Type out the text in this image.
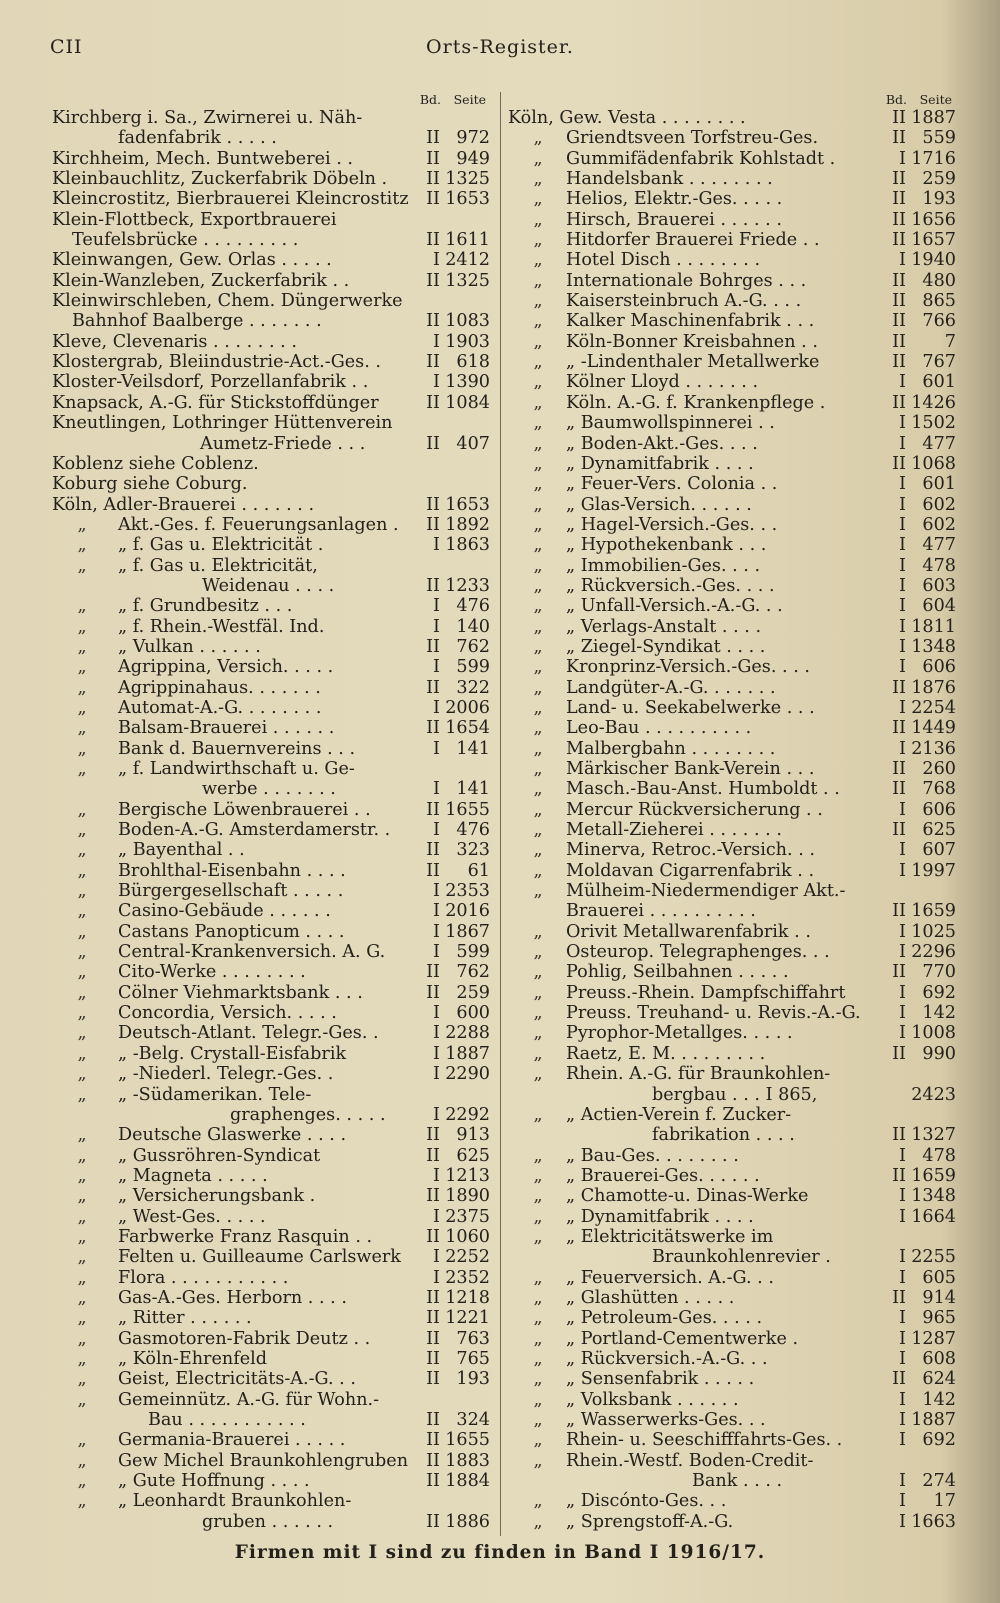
CII	Orts-Register.
Bd. Seite
Kirchberg i. Sa., Zwirnerei u. Näh-
fadenfabrik . . . . .	II 972
Kirchheim, Mech. Buntweberei . .	II 949
Kleinbauchlitz, Zuckerfabrik Döbeln . II 1325
Kleincrostitz, Bierbrauerei Kleincrostitz II 1653
Klein-Flottbeck, Exportbrauerei
Teufelsbrücke . . . . . . . . .	II 1611
Kleinwangen, Gew. Orlas . . . . .	I 2412
Klein-Wanzleben, Zuckerfabrik . .	II 1325
Kleinwirschleben, Chem. Düngerwerke
Bahnhof Baalberge . . . . . . .	II 1083
Kleve, Clevenaris . . . . . . . .	I 1903
Klostergrab, Bleiindustrie-Act.-Ges. .	II 618
Kloster-Veilsdorf, Porzellanfabrik . .	I 1390
Knapsack, A.-G. für Stickstoffdünger	II 1084
Kneutlingen, Lothringer Hüttenverein
Aumetz-Friede . . .	II 407
Koblenz siehe Coblenz.
Koburg siehe Coburg.
Köln, Adler-Brauerei . . . . . . .	II 1653
„	Akt.-Ges. f. Feuerungsanlagen . II 1892
„	„ f. Gas u. Elektricität .	I 1863
„	„ f. Gas u. Elektricität,
Weidenau . . . .	II 1233
„	„ f. Grundbesitz . . .	I 476
„	„ f. Rhein.-Westfäl. Ind.	I 140
„	„ Vulkan . . . . . .	II 762
„	Agrippina, Versich. . . . .	I 599
„	Agrippinahaus. . . . . . .	II 322
„	Automat-A.-G. . . . . . . .	I 2006
„	Balsam-Brauerei . . . . . .	II 1654
„	Bank d. Bauernvereins . . .	I 141
„	„ f. Landwirthschaft u. Ge-
werbe . . . . . . .	I 141
„	Bergische Löwenbrauerei . .	II 1655
„	Boden-A.-G. Amsterdamerstr. . I 476
„	„ Bayenthal . .	II 323
„	Brohlthal-Eisenbahn . . . .	II 61
„	Bürgergesellschaft . . . . .	I 2353
„	Casino-Gebäude . . . . . .	I 2016
„	Castans Panopticum . . . .	I 1867
„	Central-Krankenversich. A. G.	I 599
„	Cito-Werke . . . . . . . .	II 762
„	Cölner Viehmarktsbank . . .	II 259
„	Concordia, Versich. . . . .	I 600
„	Deutsch-Atlant. Telegr.-Ges. .	I 2288
„	„ -Belg. Crystall-Eisfabrik	I 1887
„	„ -Niederl. Telegr.-Ges. .	I 2290
„	„ -Südamerikan. Tele-
graphenges. . . . .	I 2292
„	Deutsche Glaswerke . . . .	II 913
„	„ Gussröhren-Syndicat	II 625
„	„ Magneta . . . . .	I 1213
„	„ Versicherungsbank .	II 1890
„	„ West-Ges. . . . .	I 2375
„	Farbwerke Franz Rasquin . .	II 1060
„	Felten u. Guilleaume Carlswerk I 2252
„	Flora . . . . . . . . . . .	I 2352
„	Gas-A.-Ges. Herborn . . . .	II 1218
„	„ Ritter . . . . . .	II 1221
„	Gasmotoren-Fabrik Deutz . .	II 763
„	„ Köln-Ehrenfeld	II 765
„	Geist, Electricitäts-A.-G. . .	II 193
„	Gemeinnütz. A.-G. für Wohn.-
Bau . . . . . . . . . . .	II 324
„	Germania-Brauerei . . . . .	II 1655
„	Gew Michel Braunkohlengruben II 1883
„	„ Gute Hoffnung . . . .	II 1884
„	„ Leonhardt Braunkohlen-
gruben . . . . . .	II 1886
Bd. Seite
Köln, Gew. Vesta . . . . . . . .	II 1887
„	Griendtsveen Torfstreu-Ges.	II 559
„	Gummifädenfabrik Kohlstadt .	I 1716
„	Handelsbank . . . . . . . .	II 259
„	Helios, Elektr.-Ges. . . . .	II 193
„	Hirsch, Brauerei . . . . . .	II 1656
„	Hitdorfer Brauerei Friede . .	II 1657
„	Hotel Disch . . . . . . . .	I 1940
„	Internationale Bohrges . . .	II 480
„	Kaisersteinbruch A.-G. . . .	II 865
„	Kalker Maschinenfabrik . . .	II 766
„	Köln-Bonner Kreisbahnen . .	II 7
„	„ -Lindenthaler Metallwerke	II 767
„	Kölner Lloyd . . . . . . .	I 601
„	Köln. A.-G. f. Krankenpflege .	II 1426
„	„ Baumwollspinnerei . .	I 1502
„	„ Boden-Akt.-Ges. . . .	I 477
„	„ Dynamitfabrik . . . .	II 1068
„	„ Feuer-Vers. Colonia . .	I 601
„	„ Glas-Versich. . . . . .	I 602
„	„ Hagel-Versich.-Ges. . .	I 602
„	„ Hypothekenbank . . .	I 477
„	„ Immobilien-Ges. . . .	I 478
„	„ Rückversich.-Ges. . . .	I 603
„	„ Unfall-Versich.-A.-G. . .	I 604
„	„ Verlags-Anstalt . . . .	I 1811
„	„ Ziegel-Syndikat . . . .	I 1348
„	Kronprinz-Versich.-Ges. . . .	I 606
„	Landgüter-A.-G. . . . . . .	II 1876
„	Land- u. Seekabelwerke . . .	I 2254
„	Leo-Bau . . . . . . . . . .	II 1449
„	Malbergbahn . . . . . . . .	I 2136
„	Märkischer Bank-Verein . . .	II 260
„	Masch.-Bau-Anst. Humboldt . .	II 768
„	Mercur Rückversicherung . .	I 606
„	Metall-Zieherei . . . . . . .	II 625
„	Minerva, Retroc.-Versich. . .	I 607
„	Moldavan Cigarrenfabrik . .	I 1997
„	Mülheim-Niedermendiger Akt.-
Brauerei . . . . . . . . . .	II 1659
„	Orivit Metallwarenfabrik . .	I 1025
„	Osteurop. Telegraphenges. . .	I 2296
„	Pohlig, Seilbahnen . . . . .	II 770
„	Preuss.-Rhein. Dampfschiffahrt	I 692
„	Preuss. Treuhand- u. Revis.-A.-G. I 142
„	Pyrophor-Metallges. . . . .	I 1008
„	Raetz, E. M. . . . . . . . .	II 990
„	Rhein. A.-G. für Braunkohlen-
bergbau . . . I 865,	2423
„	„ Actien-Verein f. Zucker-
fabrikation . . . .	II 1327
„	„ Bau-Ges. . . . . . . .	I 478
„	„ Brauerei-Ges. . . . . .	II 1659
„	„ Chamotte-u. Dinas-Werke	I 1348
„	„ Dynamitfabrik . . . .	I 1664
„	„ Elektricitätswerke im
Braunkohlenrevier .	I 2255
„	„ Feuerversich. A.-G. . .	I 605
„	„ Glashütten . . . . .	II 914
„	„ Petroleum-Ges. . . . .	I 965
„	„ Portland-Cementwerke .	I 1287
„	„ Rückversich.-A.-G. . .	I 608
„	„ Sensenfabrik . . . . .	II 624
„	„ Volksbank . . . . . .	I 142
„	„ Wasserwerks-Ges. . .	I 1887
„	Rhein- u. Seeschifffahrts-Ges. .	I 692
„	Rhein.-Westf. Boden-Credit-
Bank . . . .	I 274
„	„ Discónto-Ges. . .	I 17
„	„ Sprengstoff-A.-G.	I 1663
Firmen mit I sind zu finden in Band I 1916/17.
